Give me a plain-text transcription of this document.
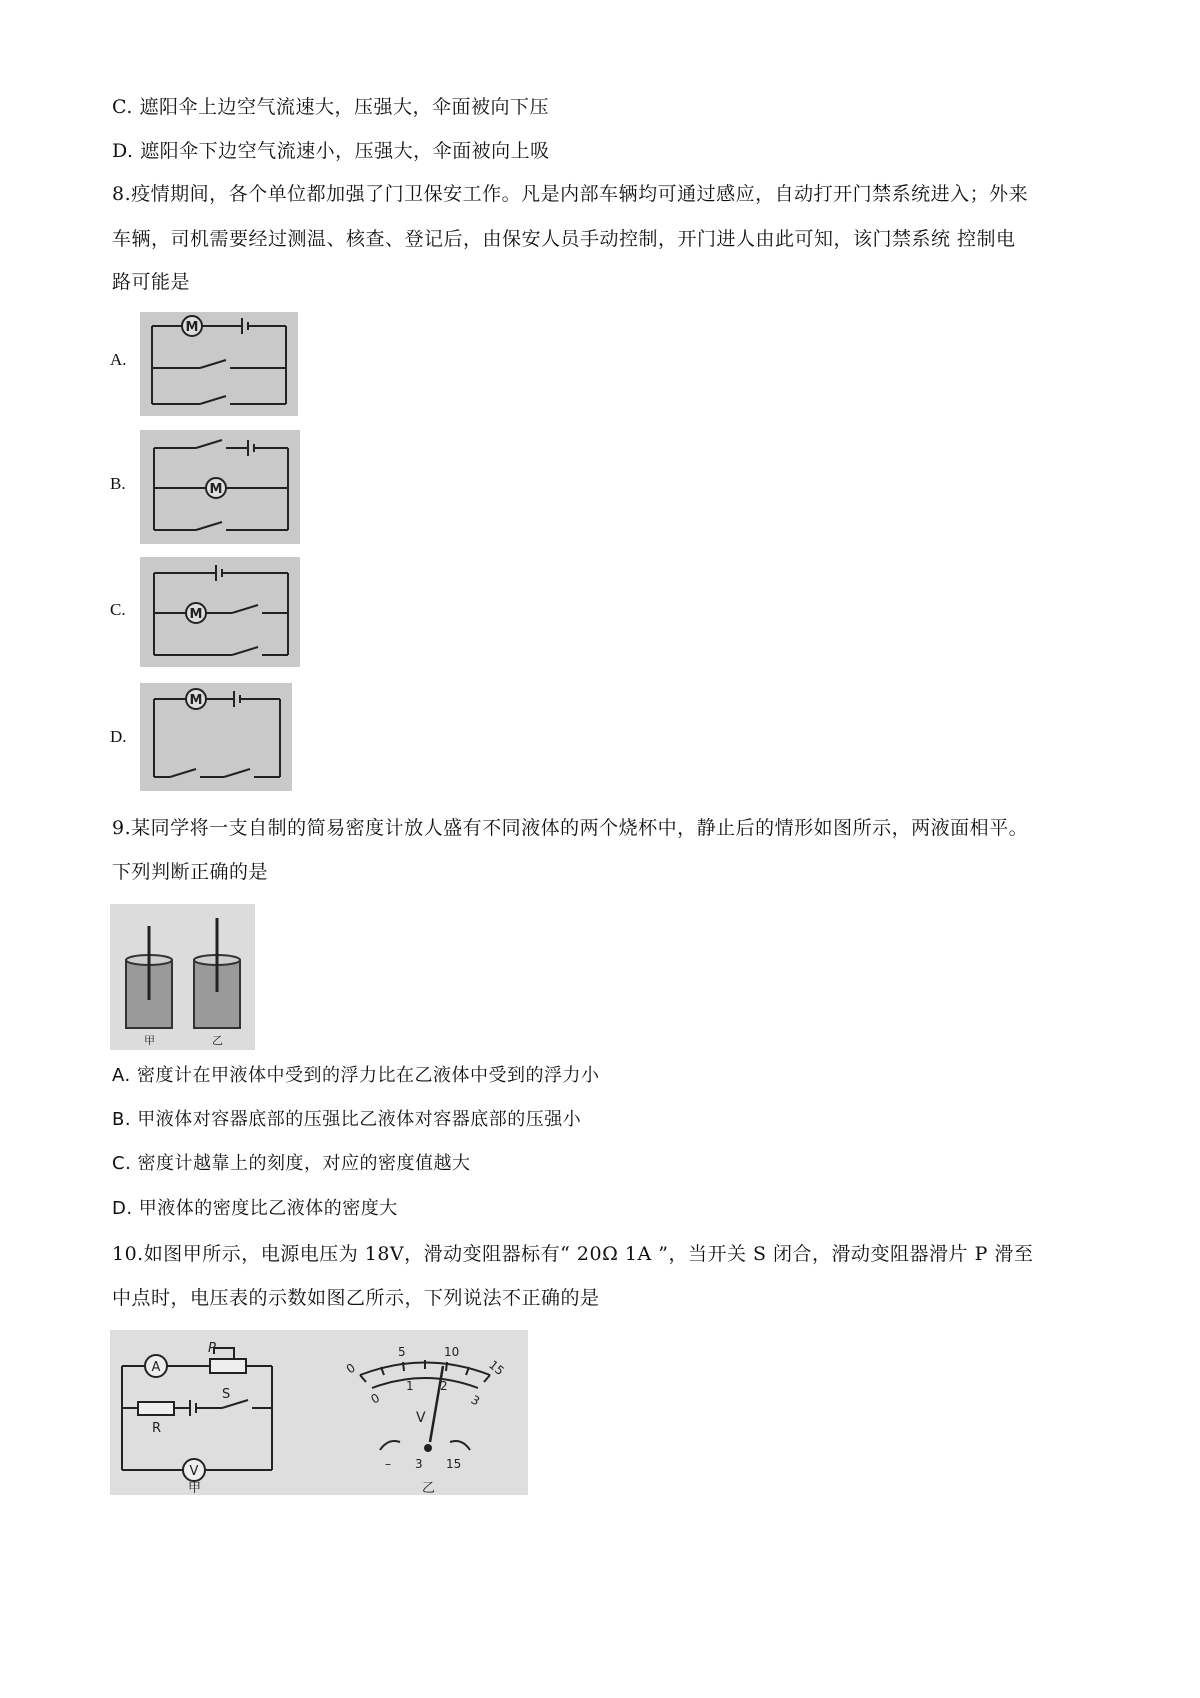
C. 遮阳伞上边空气流速大，压强大，伞面被向下压
D. 遮阳伞下边空气流速小，压强大，伞面被向上吸
8.疫情期间，各个单位都加强了门卫保安工作。凡是内部车辆均可通过感应，自动打开门禁系统进入；外来
车辆，司机需要经过测温、核查、登记后，由保安人员手动控制，开门进人由此可知，该门禁系统 控制电
路可能是
A.
M
B.	M
C.	M
D.
M
9.某同学将一支自制的简易密度计放人盛有不同液体的两个烧杯中，静止后的情形如图所示，两液面相平。
下列判断正确的是
甲	乙
A. 密度计在甲液体中受到的浮力比在乙液体中受到的浮力小
B. 甲液体对容器底部的压强比乙液体对容器底部的压强小
C. 密度计越靠上的刻度，对应的密度值越大
D. 甲液体的密度比乙液体的密度大
10.如图甲所示，电源电压为 18V，滑动变阻器标有“ 20Ω 1A ”，当开关 S 闭合，滑动变阻器滑片 P 滑至
中点时，电压表的示数如图乙所示，下列说法不正确的是
A
P
S
R
V
甲
0
5	10
15
0
1 2
3
V
– 3 15
乙
